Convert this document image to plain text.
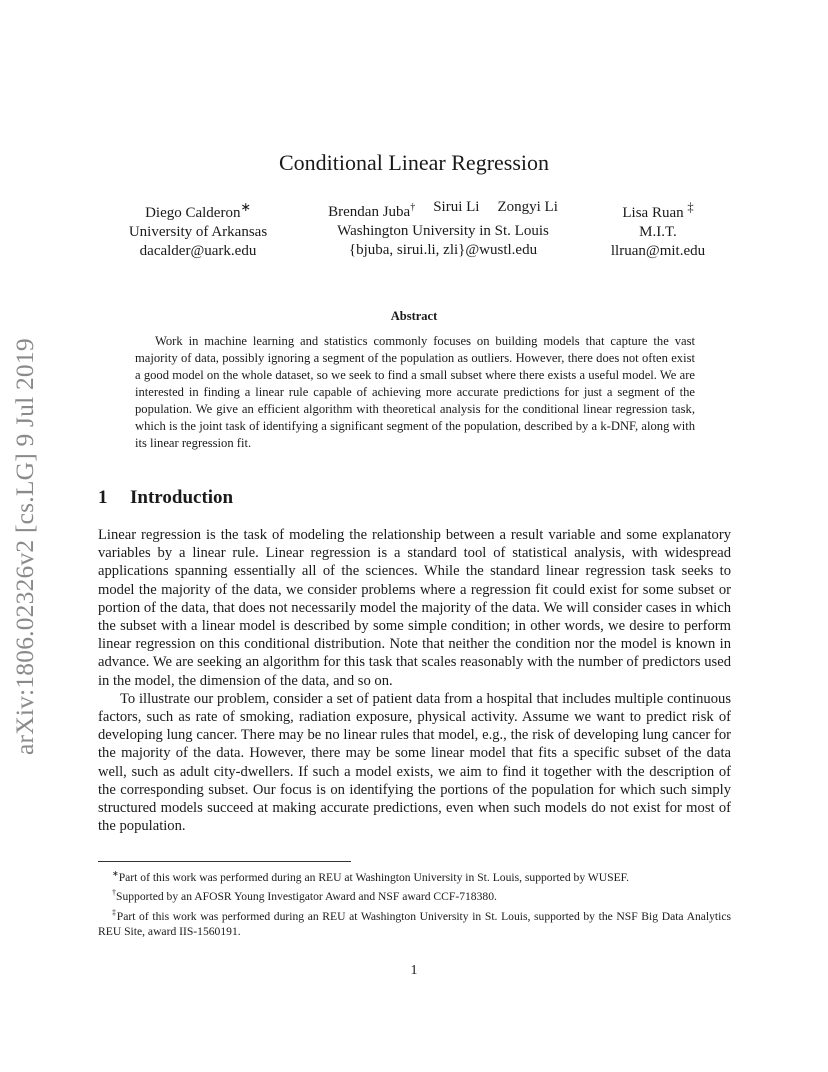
arXiv:1806.02326v2 [cs.LG] 9 Jul 2019
Conditional Linear Regression
Diego Calderon∗
University of Arkansas
dacalder@uark.edu
Brendan Juba† Sirui Li Zongyi Li
Washington University in St. Louis
{bjuba, sirui.li, zli}@wustl.edu
Lisa Ruan ‡
M.I.T.
llruan@mit.edu
Abstract

Work in machine learning and statistics commonly focuses on building models that capture the vast majority of data, possibly ignoring a segment of the population as outliers. However, there does not often exist a good model on the whole dataset, so we seek to find a small subset where there exists a useful model. We are interested in finding a linear rule capable of achieving more accurate predictions for just a segment of the population. We give an efficient algorithm with theoretical analysis for the conditional linear regression task, which is the joint task of identifying a significant segment of the population, described by a k-DNF, along with its linear regression fit.

1 Introduction

Linear regression is the task of modeling the relationship between a result variable and some explanatory variables by a linear rule. Linear regression is a standard tool of statistical analysis, with widespread applications spanning essentially all of the sciences. While the standard linear regression task seeks to model the majority of the data, we consider problems where a regression fit could exist for some subset or portion of the data, that does not necessarily model the majority of the data. We will consider cases in which the subset with a linear model is described by some simple condition; in other words, we desire to perform linear regression on this conditional distribution. Note that neither the condition nor the model is known in advance. We are seeking an algorithm for this task that scales reasonably with the number of predictors used in the model, the dimension of the data, and so on.

To illustrate our problem, consider a set of patient data from a hospital that includes multiple continuous factors, such as rate of smoking, radiation exposure, physical activity. Assume we want to predict risk of developing lung cancer. There may be no linear rules that model, e.g., the risk of developing lung cancer for the majority of the data. However, there may be some linear model that fits a specific subset of the data well, such as adult city-dwellers. If such a model exists, we aim to find it together with the description of the corresponding subset. Our focus is on identifying the portions of the population for which such simply structured models succeed at making accurate predictions, even when such models do not exist for most of the population.

∗Part of this work was performed during an REU at Washington University in St. Louis, supported by WUSEF.

†Supported by an AFOSR Young Investigator Award and NSF award CCF-718380.

‡Part of this work was performed during an REU at Washington University in St. Louis, supported by the NSF Big Data Analytics REU Site, award IIS-1560191.

1
